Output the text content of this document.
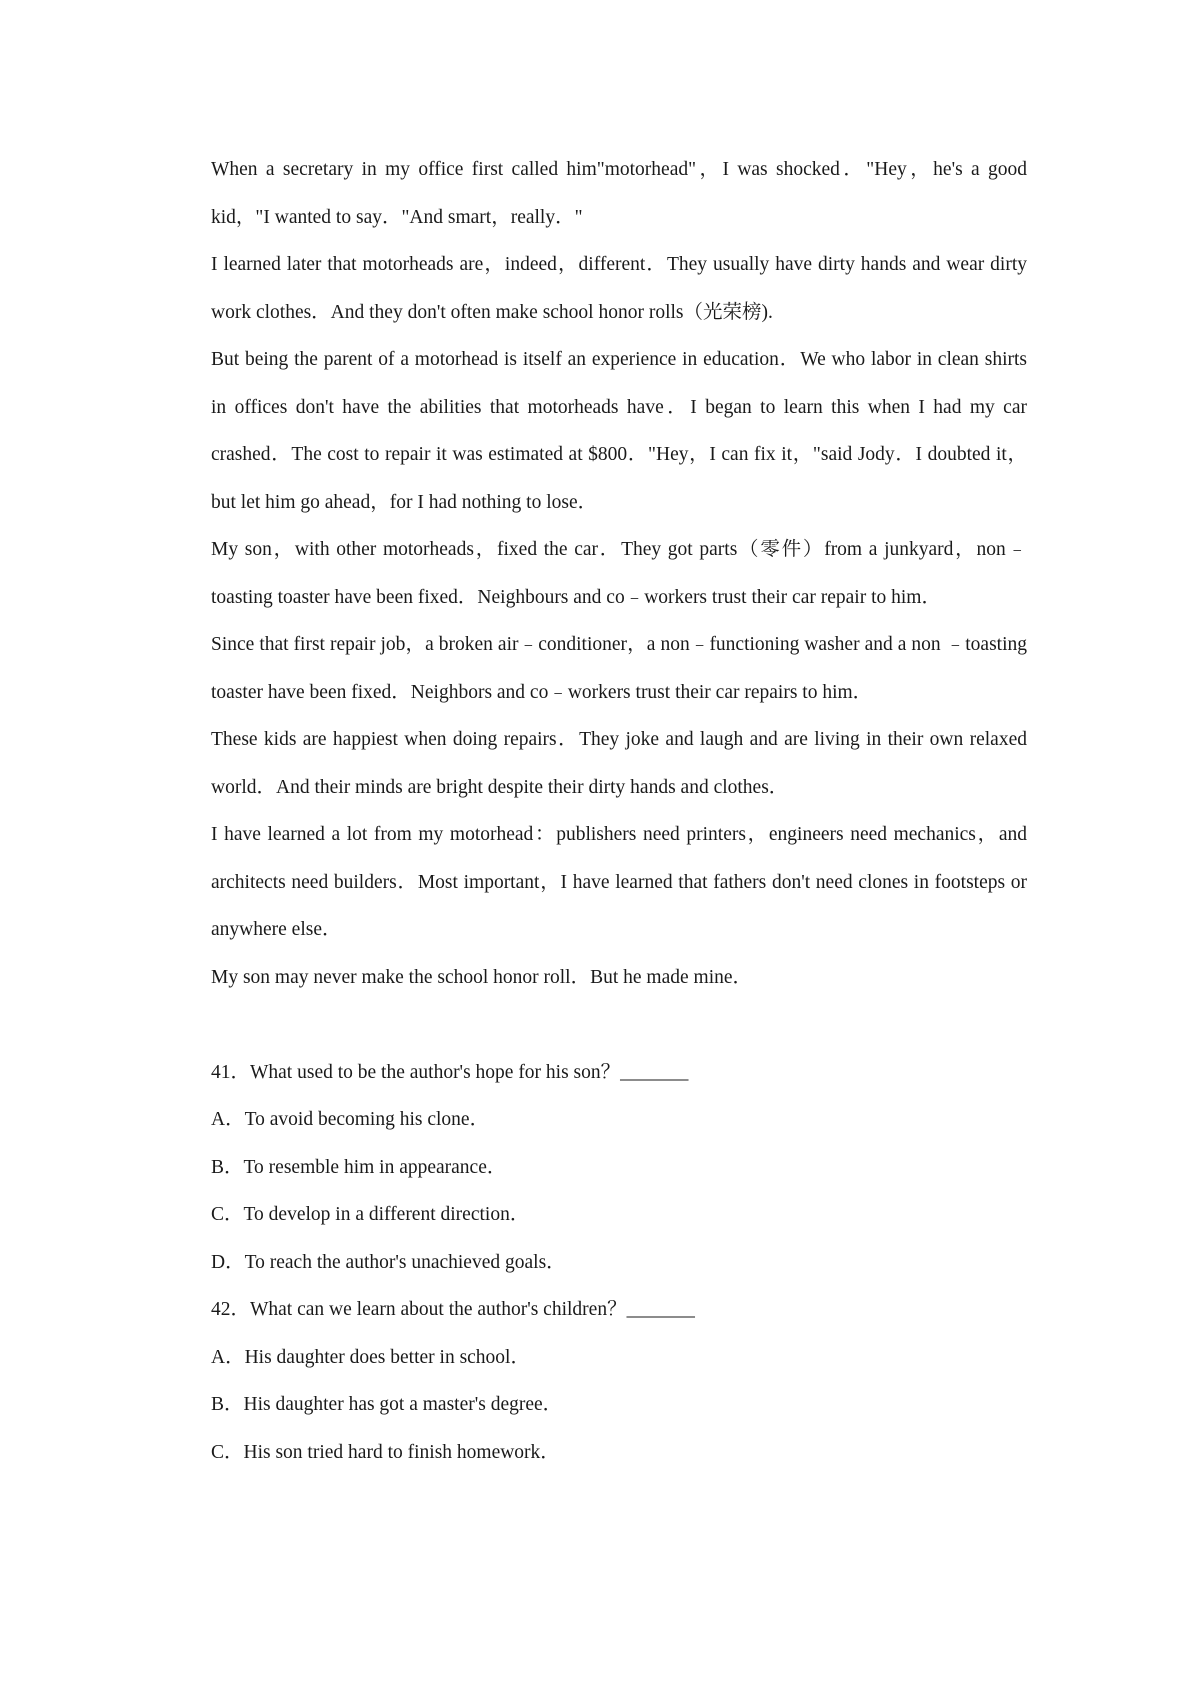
When a secretary in my office first called him"motorhead"，I was shocked．"Hey，he's a good kid，"I wanted to say．"And smart，really．"

I learned later that motorheads are，indeed，different．They usually have dirty hands and wear dirty work clothes．And they don't often make school honor rolls（光荣榜).

But being the parent of a motorhead is itself an experience in education．We who labor in clean shirts in offices don't have the abilities that motorheads have．I began to learn this when I had my car crashed．The cost to repair it was estimated at $800．"Hey，I can fix it，"said Jody．I doubted it，but let him go ahead，for I had nothing to lose．

My son，with other motorheads，fixed the car．They got parts（零件）from a junkyard，non﹣toasting toaster have been fixed．Neighbours and co﹣workers trust their car repair to him．

Since that first repair job，a broken air﹣conditioner，a non﹣functioning washer and a non ﹣toasting toaster have been fixed．Neighbors and co﹣workers trust their car repairs to him．

These kids are happiest when doing repairs．They joke and laugh and are living in their own relaxed world．And their minds are bright despite their dirty hands and clothes．

I have learned a lot from my motorhead：publishers need printers，engineers need mechanics，and architects need builders．Most important，I have learned that fathers don't need clones in footsteps or anywhere else．

My son may never make the school honor roll．But he made mine．

41．What used to be the author's hope for his son？_______

A．To avoid becoming his clone．

B．To resemble him in appearance．

C．To develop in a different direction．

D．To reach the author's unachieved goals．

42．What can we learn about the author's children？_______

A．His daughter does better in school．

B．His daughter has got a master's degree．

C．His son tried hard to finish homework．
